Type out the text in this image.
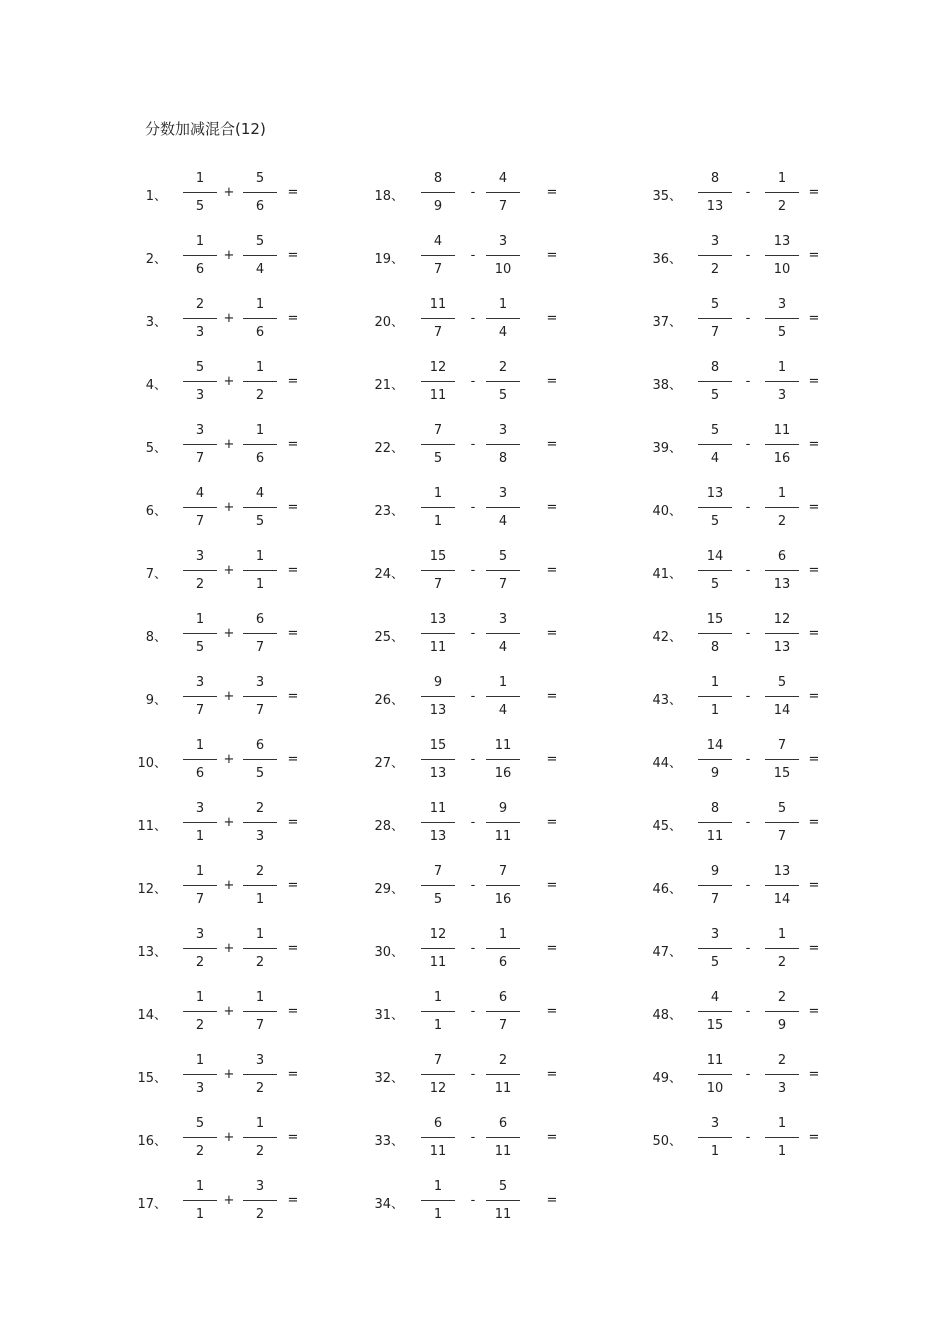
分数加减混合(12)
1、
1
5
+
5
6
=
2、
1
6
+
5
4
=
3、
2
3
+
1
6
=
4、
5
3
+
1
2
=
5、
3
7
+
1
6
=
6、
4
7
+
4
5
=
7、
3
2
+
1
1
=
8、
1
5
+
6
7
=
9、
3
7
+
3
7
=
10、
1
6
+
6
5
=
11、
3
1
+
2
3
=
12、
1
7
+
2
1
=
13、
3
2
+
1
2
=
14、
1
2
+
1
7
=
15、
1
3
+
3
2
=
16、
5
2
+
1
2
=
17、
1
1
+
3
2
=
18、
8
9
-
4
7
=
19、
4
7
-
3
10
=
20、
11
7
-
1
4
=
21、
12
11
-
2
5
=
22、
7
5
-
3
8
=
23、
1
1
-
3
4
=
24、
15
7
-
5
7
=
25、
13
11
-
3
4
=
26、
9
13
-
1
4
=
27、
15
13
-
11
16
=
28、
11
13
-
9
11
=
29、
7
5
-
7
16
=
30、
12
11
-
1
6
=
31、
1
1
-
6
7
=
32、
7
12
-
2
11
=
33、
6
11
-
6
11
=
34、
1
1
-
5
11
=
35、
8
13
-
1
2
=
36、
3
2
-
13
10
=
37、
5
7
-
3
5
=
38、
8
5
-
1
3
=
39、
5
4
-
11
16
=
40、
13
5
-
1
2
=
41、
14
5
-
6
13
=
42、
15
8
-
12
13
=
43、
1
1
-
5
14
=
44、
14
9
-
7
15
=
45、
8
11
-
5
7
=
46、
9
7
-
13
14
=
47、
3
5
-
1
2
=
48、
4
15
-
2
9
=
49、
11
10
-
2
3
=
50、
3
1
-
1
1
=
